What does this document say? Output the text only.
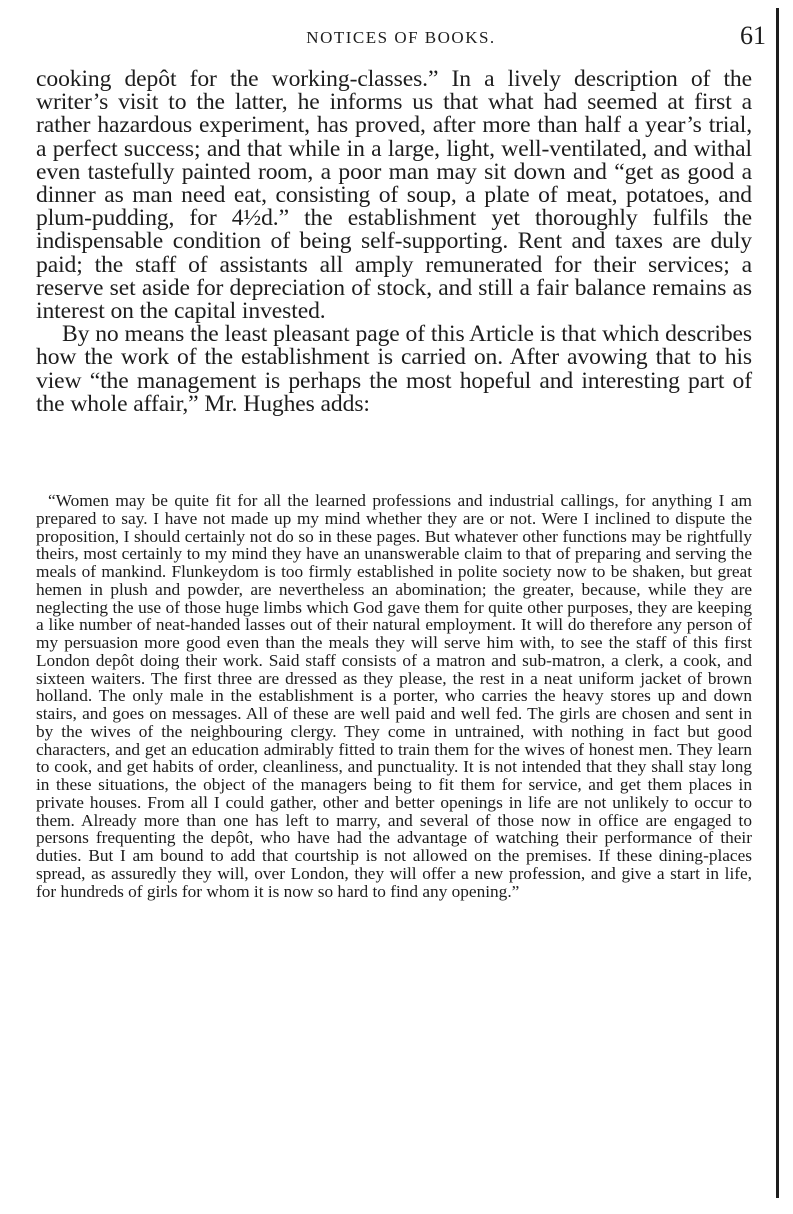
NOTICES OF BOOKS.	61

cooking depôt for the working-classes.” In a lively description of the writer’s visit to the latter, he informs us that what had seemed at first a rather hazardous experiment, has proved, after more than half a year’s trial, a perfect success; and that while in a large, light, well-ventilated, and withal even tastefully painted room, a poor man may sit down and “get as good a dinner as man need eat, consisting of soup, a plate of meat, potatoes, and plum-pudding, for 4½d.” the establishment yet thoroughly fulfils the indispensable condition of being self-supporting. Rent and taxes are duly paid; the staff of assistants all amply remunerated for their services; a reserve set aside for depreciation of stock, and still a fair balance remains as interest on the capital invested.

By no means the least pleasant page of this Article is that which describes how the work of the establishment is carried on. After avowing that to his view “the management is perhaps the most hopeful and interesting part of the whole affair,” Mr. Hughes adds:

“Women may be quite fit for all the learned professions and industrial callings, for anything I am prepared to say. I have not made up my mind whether they are or not. Were I inclined to dispute the proposition, I should certainly not do so in these pages. But whatever other functions may be rightfully theirs, most certainly to my mind they have an unanswerable claim to that of preparing and serving the meals of mankind. Flunkeydom is too firmly established in polite society now to be shaken, but great hemen in plush and powder, are nevertheless an abomination; the greater, because, while they are neglecting the use of those huge limbs which God gave them for quite other purposes, they are keeping a like number of neat-handed lasses out of their natural employment. It will do therefore any person of my persuasion more good even than the meals they will serve him with, to see the staff of this first London depôt doing their work. Said staff consists of a matron and sub-matron, a clerk, a cook, and sixteen waiters. The first three are dressed as they please, the rest in a neat uniform jacket of brown holland. The only male in the establishment is a porter, who carries the heavy stores up and down stairs, and goes on messages. All of these are well paid and well fed. The girls are chosen and sent in by the wives of the neighbouring clergy. They come in untrained, with nothing in fact but good characters, and get an education admirably fitted to train them for the wives of honest men. They learn to cook, and get habits of order, cleanliness, and punctuality. It is not intended that they shall stay long in these situations, the object of the managers being to fit them for service, and get them places in private houses. From all I could gather, other and better openings in life are not unlikely to occur to them. Already more than one has left to marry, and several of those now in office are engaged to persons frequenting the depôt, who have had the advantage of watching their performance of their duties. But I am bound to add that courtship is not allowed on the premises. If these dining-places spread, as assuredly they will, over London, they will offer a new profession, and give a start in life, for hundreds of girls for whom it is now so hard to find any opening.”
